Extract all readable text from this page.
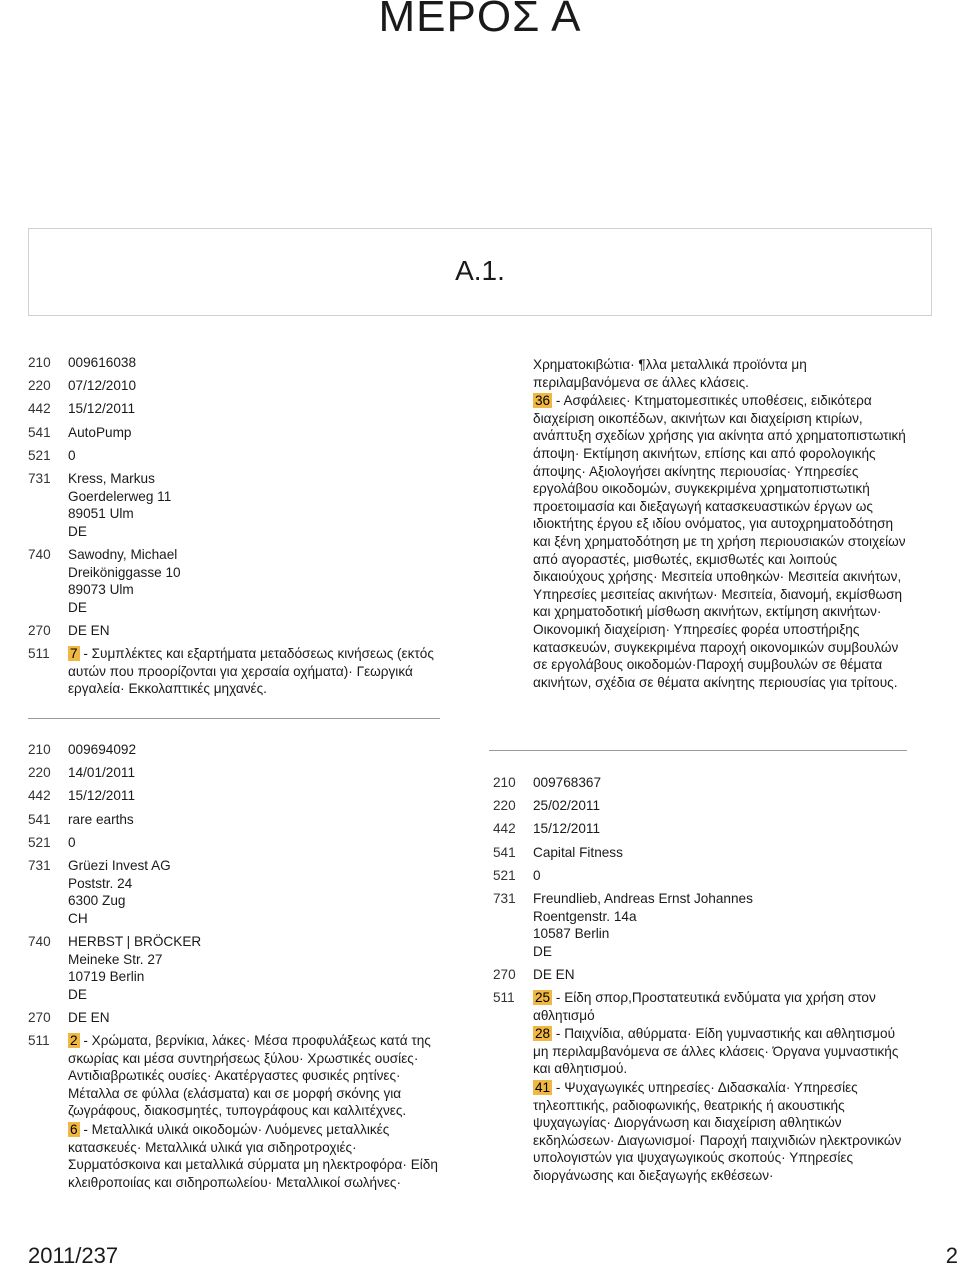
ΜΕΡΟΣ Α
A.1.
210	009616038
220	07/12/2010
442	15/12/2011
541	AutoPump
521	0
731	Kress, Markus
Goerdelerweg 11
89051 Ulm
DE
740	Sawodny, Michael
Dreiköniggasse 10
89073 Ulm
DE
270	DE EN
511	7 - Συμπλέκτες και εξαρτήματα μεταδόσεως κινήσεως (εκτός αυτών που προορίζονται για χερσαία οχήματα)· Γεωργικά εργαλεία· Εκκολαπτικές μηχανές.
210	009694092
220	14/01/2011
442	15/12/2011
541	rare earths
521	0
731	Grüezi Invest AG
Poststr. 24
6300 Zug
CH
740	HERBST | BRÖCKER
Meineke Str. 27
10719 Berlin
DE
270	DE EN
511	2 - Χρώματα, βερνίκια, λάκες· Μέσα προφυλάξεως κατά της σκωρίας και μέσα συντηρήσεως ξύλου· Χρωστικές ουσίες· Αντιδιαβρωτικές ουσίες· Ακατέργαστες φυσικές ρητίνες· Μέταλλα σε φύλλα (ελάσματα) και σε μορφή σκόνης για ζωγράφους, διακοσμητές, τυπογράφους και καλλιτέχνες.
6 - Μεταλλικά υλικά οικοδομών· Λυόμενες μεταλλικές κατασκευές· Μεταλλικά υλικά για σιδηροτροχιές· Συρματόσκοινα και μεταλλικά σύρματα μη ηλεκτροφόρα· Είδη κλειθροποιίας και σιδηροπωλείου· Μεταλλικοί σωλήνες·
Χρηματοκιβώτια· ¶λλα μεταλλικά προϊόντα μη περιλαμβανόμενα σε άλλες κλάσεις.
36 - Ασφάλειες· Κτηματομεσιτικές υποθέσεις, ειδικότερα διαχείριση οικοπέδων, ακινήτων και διαχείριση κτιρίων, ανάπτυξη σχεδίων χρήσης για ακίνητα από χρηματοπιστωτική άποψη· Εκτίμηση ακινήτων, επίσης και από φορολογικής άποψης· Αξιολογήσει ακίνητης περιουσίας· Υπηρεσίες εργολάβου οικοδομών, συγκεκριμένα χρηματοπιστωτική προετοιμασία και διεξαγωγή κατασκευαστικών έργων ως ιδιοκτήτης έργου εξ ιδίου ονόματος, για αυτοχρηματοδότηση και ξένη χρηματοδότηση με τη χρήση περιουσιακών στοιχείων από αγοραστές, μισθωτές, εκμισθωτές και λοιπούς δικαιούχους χρήσης· Μεσιτεία υποθηκών· Μεσιτεία ακινήτων, Υπηρεσίες μεσιτείας ακινήτων· Μεσιτεία, διανομή, εκμίσθωση και χρηματοδοτική μίσθωση ακινήτων, εκτίμηση ακινήτων· Οικονομική διαχείριση· Υπηρεσίες φορέα υποστήριξης κατασκευών, συγκεκριμένα παροχή οικονομικών συμβουλών σε εργολάβους οικοδομών·Παροχή συμβουλών σε θέματα ακινήτων, σχέδια σε θέματα ακίνητης περιουσίας για τρίτους.
210	009768367
220	25/02/2011
442	15/12/2011
541	Capital Fitness
521	0
731	Freundlieb, Andreas Ernst Johannes
Roentgenstr. 14a
10587 Berlin
DE
270	DE EN
511	25 - Είδη σπορ,Προστατευτικά ενδύματα για χρήση στον αθλητισμό
28 - Παιχνίδια, αθύρματα· Είδη γυμναστικής και αθλητισμού μη περιλαμβανόμενα σε άλλες κλάσεις· Όργανα γυμναστικής και αθλητισμού.
41 - Ψυχαγωγικές υπηρεσίες· Διδασκαλία· Υπηρεσίες τηλεοπτικής, ραδιοφωνικής, θεατρικής ή ακουστικής ψυχαγωγίας· Διοργάνωση και διαχείριση αθλητικών εκδηλώσεων· Διαγωνισμοί· Παροχή παιχνιδιών ηλεκτρονικών υπολογιστών για ψυχαγωγικούς σκοπούς· Υπηρεσίες διοργάνωσης και διεξαγωγής εκθέσεων·
2011/237	2
